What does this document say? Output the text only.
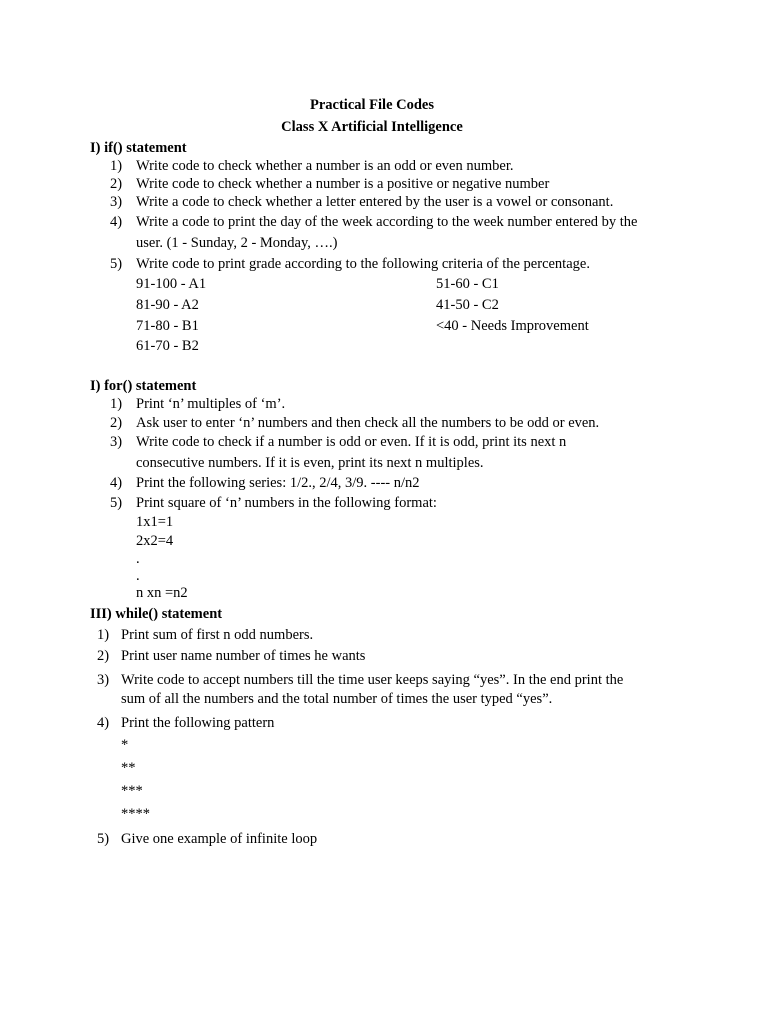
Practical File Codes
Class X Artificial Intelligence
I) if() statement
1) Write code to check whether a number is an odd or even number.
2) Write code to check whether a number is a positive or negative number
3) Write a code to check whether a letter entered by the user is a vowel or consonant.
4) Write a code to print the day of the week according to the week number entered by the
user. (1 - Sunday, 2 - Monday, ….)
5) Write code to print grade according to the following criteria of the percentage.
91-100 - A1
81-90 - A2
71-80 - B1
61-70 - B2
51-60 - C1
41-50 - C2
<40 - Needs Improvement
I) for() statement
1) Print ‘n’ multiples of ‘m’.
2) Ask user to enter ‘n’ numbers and then check all the numbers to be odd or even.
3) Write code to check if a number is odd or even. If it is odd, print its next n
consecutive numbers. If it is even, print its next n multiples.
4) Print the following series: 1/2., 2/4, 3/9. ---- n/n2
5) Print square of ‘n’ numbers in the following format:
1x1=1
2x2=4
.
.
n xn =n2
III) while() statement
1) Print sum of first n odd numbers.
2) Print user name number of times he wants
3) Write code to accept numbers till the time user keeps saying “yes”. In the end print the
sum of all the numbers and the total number of times the user typed “yes”.
4) Print the following pattern
*
**
***
****
5) Give one example of infinite loop
